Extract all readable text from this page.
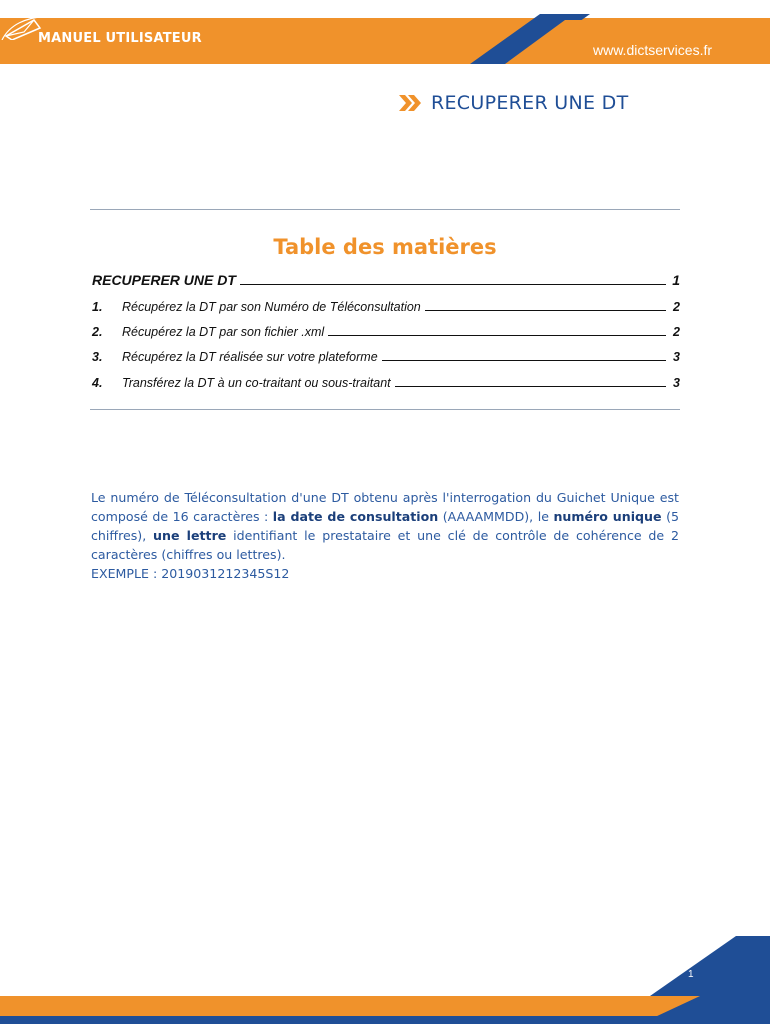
MANUEL UTILISATEUR
www.dictservices.fr
RECUPERER UNE DT
Table des matières
RECUPERER UNE DT	1
1.	Récupérez la DT par son Numéro de Téléconsultation	2
2.	Récupérez la DT par son fichier .xml	2
3.	Récupérez la DT réalisée sur votre plateforme	3
4.	Transférez la DT à un co-traitant ou sous-traitant	3
Le numéro de Téléconsultation d'une DT obtenu après l'interrogation du Guichet Unique est composé de 16 caractères : la date de consultation (AAAAMMDD), le numéro unique (5 chiffres), une lettre identifiant le prestataire et une clé de contrôle de cohérence de 2 caractères (chiffres ou lettres).
EXEMPLE : 2019031212345S12
1
